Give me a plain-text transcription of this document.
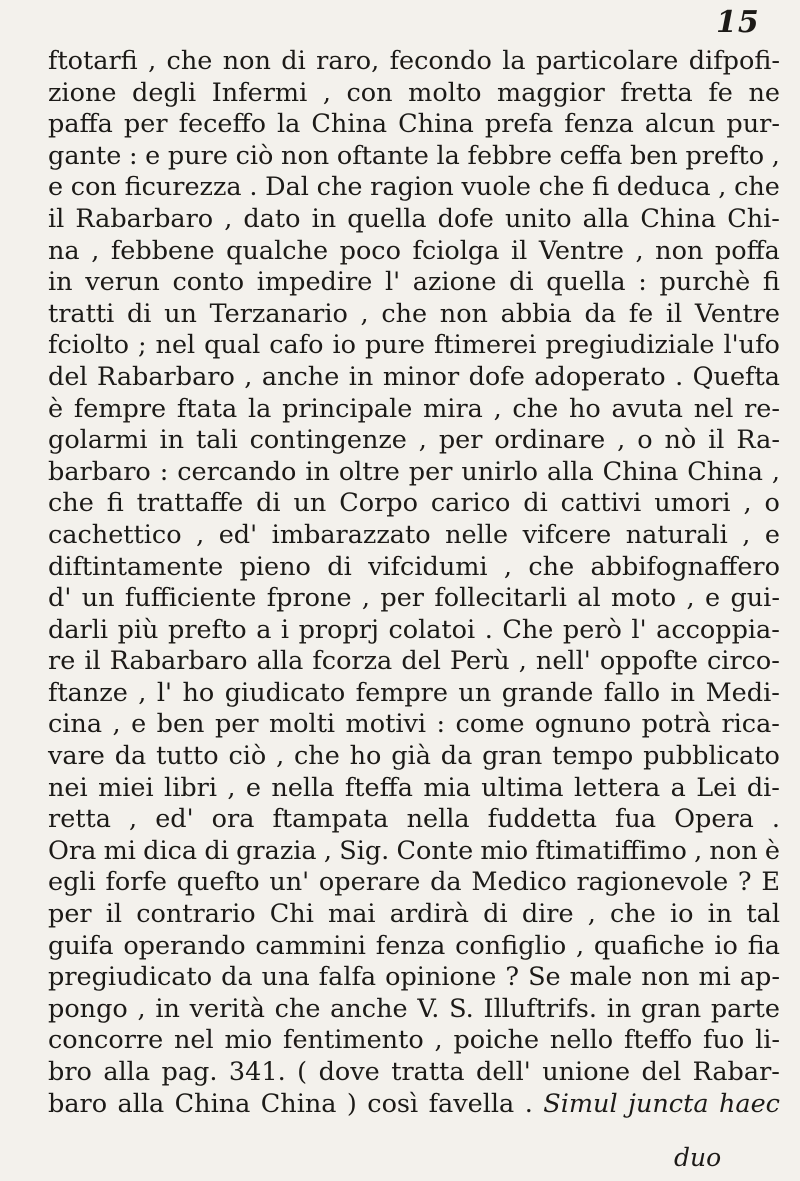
15
ftotarfi , che non di raro, fecondo la particolare difpofi-
zione degli Infermi , con molto maggior fretta fe ne
paffa per feceffo la China China prefa fenza alcun pur-
gante : e pure ciò non oftante la febbre ceffa ben prefto ,
e con ficurezza . Dal che ragion vuole che fi deduca , che
il Rabarbaro , dato in quella dofe unito alla China Chi-
na , febbene qualche poco fciolga il Ventre , non poffa
in verun conto impedire l' azione di quella : purchè fi
tratti di un Terzanario , che non abbia da fe il Ventre
fciolto ; nel qual cafo io pure ftimerei pregiudiziale l'ufo
del Rabarbaro , anche in minor dofe adoperato . Quefta
è fempre ftata la principale mira , che ho avuta nel re-
golarmi in tali contingenze , per ordinare , o nò il Ra-
barbaro : cercando in oltre per unirlo alla China China ,
che fi trattaffe di un Corpo carico di cattivi umori , o
cachettico , ed' imbarazzato nelle vifcere naturali , e
diftintamente pieno di vifcidumi , che abbifognaffero
d' un fufficiente fprone , per follecitarli al moto , e gui-
darli più prefto a i proprj colatoi . Che però l' accoppia-
re il Rabarbaro alla fcorza del Perù , nell' oppofte circo-
ftanze , l' ho giudicato fempre un grande fallo in Medi-
cina , e ben per molti motivi : come ognuno potrà rica-
vare da tutto ciò , che ho già da gran tempo pubblicato
nei miei libri , e nella fteffa mia ultima lettera a Lei di-
retta , ed' ora ftampata nella fuddetta fua Opera .
Ora mi dica di grazia , Sig. Conte mio ftimatiffimo , non è
egli forfe quefto un' operare da Medico ragionevole ? E
per il contrario Chi mai ardirà di dire , che io in tal
guifa operando cammini fenza configlio , quafiche io fia
pregiudicato da una falfa opinione ? Se male non mi ap-
pongo , in verità che anche V. S. Illuftrifs. in gran parte
concorre nel mio fentimento , poiche nello fteffo fuo li-
bro alla pag. 341. ( dove tratta dell' unione del Rabar-
baro alla China China ) così favella . Simul juncta haec
duo
